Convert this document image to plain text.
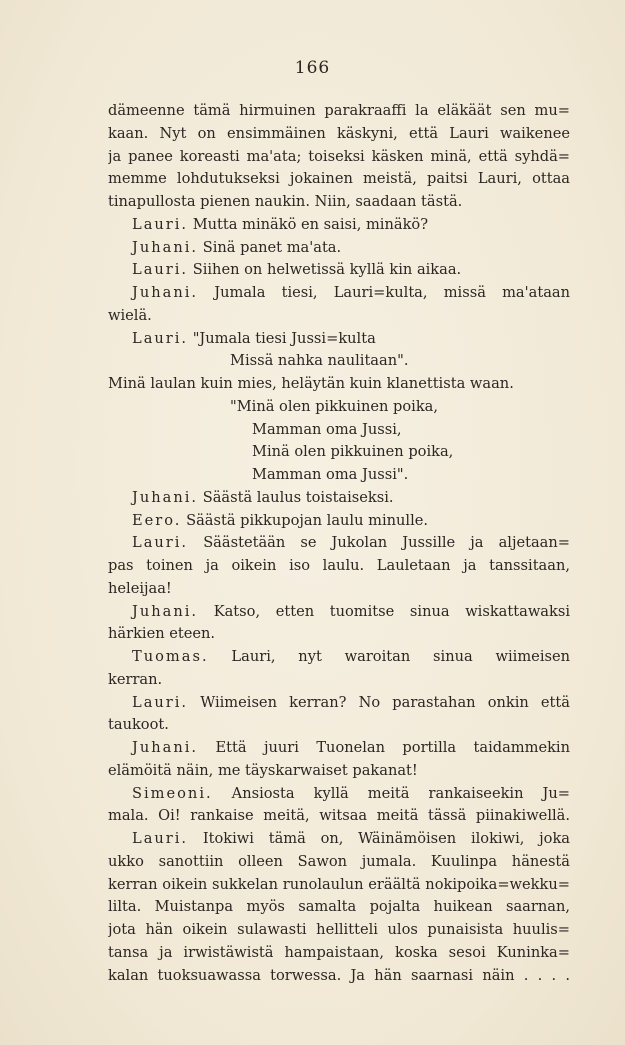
166
dämeenne tämä hirmuinen parakraaffi la eläkäät sen mu=
kaan. Nyt on ensimmäinen käskyni, että Lauri waikenee
ja panee koreasti ma'ata; toiseksi käsken minä, että syhdä=
memme lohdutukseksi jokainen meistä, paitsi Lauri, ottaa
tinapullosta pienen naukin. Niin, saadaan tästä.
Lauri. Mutta minäkö en saisi, minäkö?
Juhani. Sinä panet ma'ata.
Lauri. Siihen on helwetissä kyllä kin aikaa.
Juhani. Jumala tiesi, Lauri=kulta, missä ma'ataan
wielä.
Lauri. "Jumala tiesi Jussi=kulta
Missä nahka naulitaan".
Minä laulan kuin mies, heläytän kuin klanettista waan.
"Minä olen pikkuinen poika,
Mamman oma Jussi,
Minä olen pikkuinen poika,
Mamman oma Jussi".
Juhani. Säästä laulus toistaiseksi.
Eero. Säästä pikkupojan laulu minulle.
Lauri. Säästetään se Jukolan Jussille ja aljetaan=
pas toinen ja oikein iso laulu. Lauletaan ja tanssitaan,
heleijaa!
Juhani. Katso, etten tuomitse sinua wiskattawaksi
härkien eteen.
Tuomas. Lauri, nyt waroitan sinua wiimeisen
kerran.
Lauri. Wiimeisen kerran? No parastahan onkin että
taukoot.
Juhani. Että juuri Tuonelan portilla taidammekin
elämöitä näin, me täyskarwaiset pakanat!
Simeoni. Ansiosta kyllä meitä rankaiseekin Ju=
mala. Oi! rankaise meitä, witsaa meitä tässä piinakiwellä.
Lauri. Itokiwi tämä on, Wäinämöisen ilokiwi, joka
ukko sanottiin olleen Sawon jumala. Kuulinpa hänestä
kerran oikein sukkelan runolaulun eräältä nokipoika=wekku=
lilta. Muistanpa myös samalta pojalta huikean saarnan,
jota hän oikein sulawasti hellitteli ulos punaisista huulis=
tansa ja irwistäwistä hampaistaan, koska sesoi Kuninka=
kalan tuoksuawassa torwessa. Ja hän saarnasi näin . . . .
